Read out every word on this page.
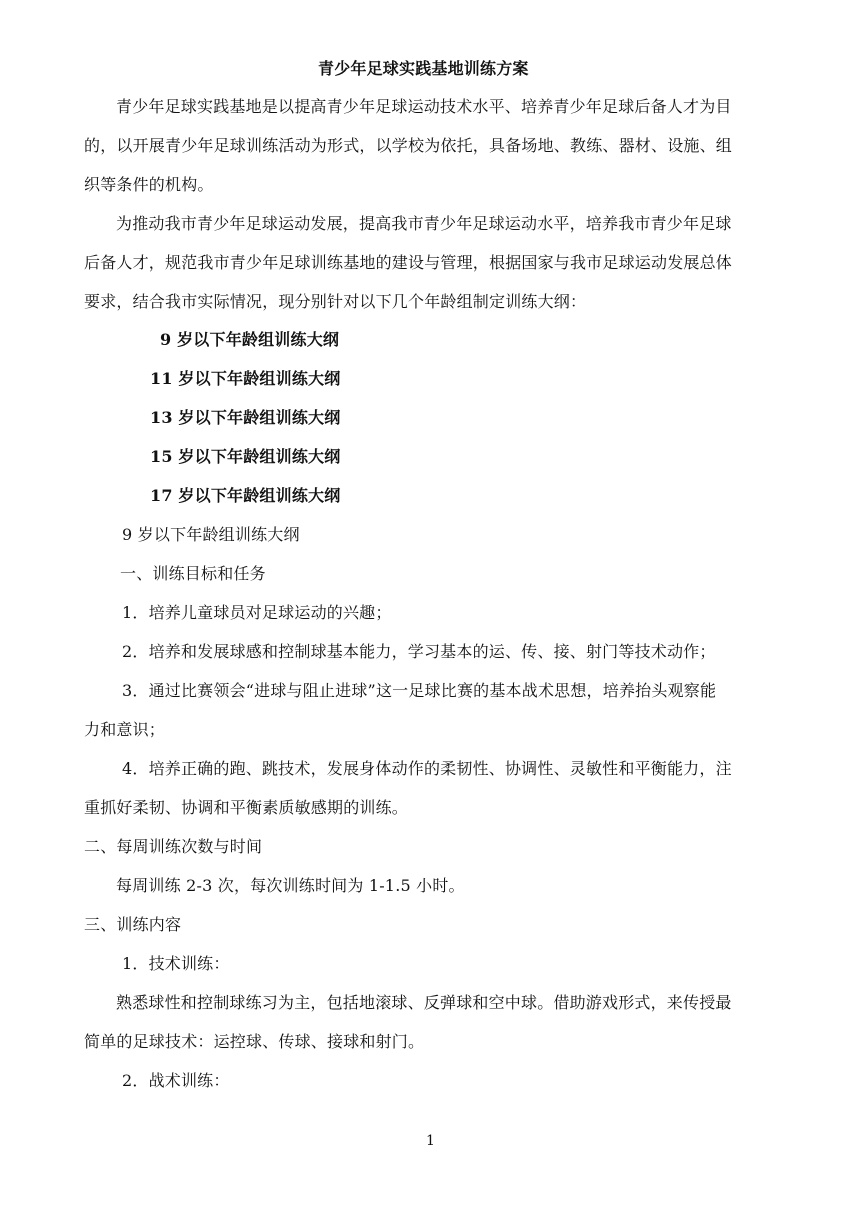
青少年足球实践基地训练方案
青少年足球实践基地是以提高青少年足球运动技术水平、培养青少年足球后备人才为目
的，以开展青少年足球训练活动为形式，以学校为依托，具备场地、教练、器材、设施、组
织等条件的机构。
为推动我市青少年足球运动发展，提高我市青少年足球运动水平，培养我市青少年足球
后备人才，规范我市青少年足球训练基地的建设与管理，根据国家与我市足球运动发展总体
要求，结合我市实际情况，现分别针对以下几个年龄组制定训练大纲：
9 岁以下年龄组训练大纲
11 岁以下年龄组训练大纲
13 岁以下年龄组训练大纲
15 岁以下年龄组训练大纲
17 岁以下年龄组训练大纲
9 岁以下年龄组训练大纲
一、训练目标和任务
1．培养儿童球员对足球运动的兴趣；
2．培养和发展球感和控制球基本能力，学习基本的运、传、接、射门等技术动作；
3．通过比赛领会“进球与阻止进球”这一足球比赛的基本战术思想，培养抬头观察能
力和意识；
4．培养正确的跑、跳技术，发展身体动作的柔韧性、协调性、灵敏性和平衡能力，注
重抓好柔韧、协调和平衡素质敏感期的训练。
二、每周训练次数与时间
每周训练 2-3 次，每次训练时间为 1-1.5 小时。
三、训练内容
1．技术训练：
熟悉球性和控制球练习为主，包括地滚球、反弹球和空中球。借助游戏形式，来传授最
简单的足球技术：运控球、传球、接球和射门。
2．战术训练：
1
